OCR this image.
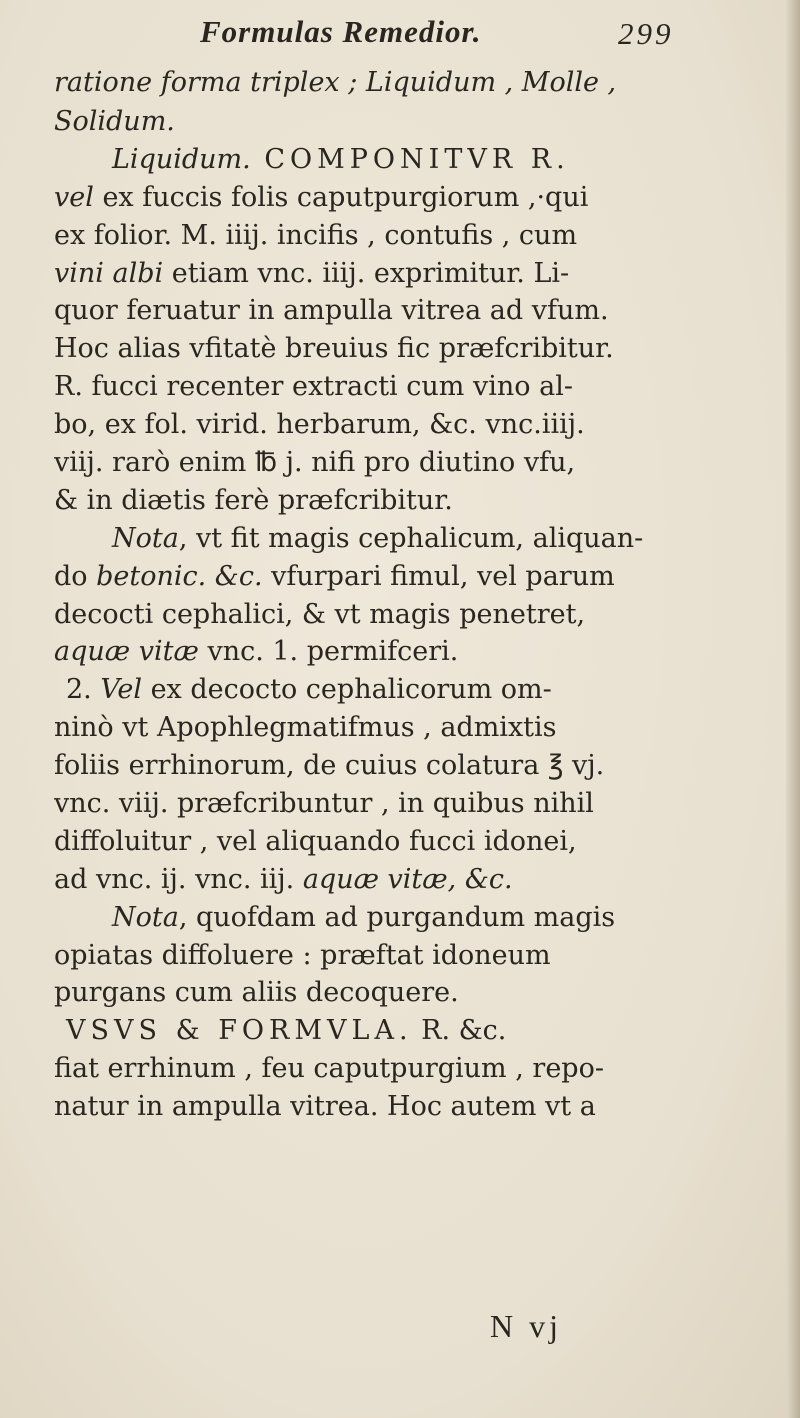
Formulas Remedior.	299
ratione forma triplex ; Liquidum , Molle ,
Solidum.
Liquidum. COMPONITVR R.
vel ex fuccis folis caputpurgiorum ,·qui
ex folior. M. iiij. incifis , contufis , cum
vini albi etiam vnc. iiij. exprimitur. Li-
quor feruatur in ampulla vitrea ad vfum.
Hoc alias vfitatè breuius fic præfcribitur.
R. fucci recenter extracti cum vino al-
bo, ex fol. virid. herbarum, &c. vnc.iiij.
viij. rarò enim ℔ j. nifi pro diutino vfu,
& in diætis ferè præfcribitur.
Nota, vt fit magis cephalicum, aliquan-
do betonic. &c. vfurpari fimul, vel parum
decocti cephalici, & vt magis penetret,
aquæ vitæ vnc. 1. permifceri.
2. Vel ex decocto cephalicorum om-
ninò vt Apophlegmatifmus , admixtis
foliis errhinorum, de cuius colatura ℥ vj.
vnc. viij. præfcribuntur , in quibus nihil
diffoluitur , vel aliquando fucci idonei,
ad vnc. ij. vnc. iij. aquæ vitæ, &c.
Nota, quofdam ad purgandum magis
opiatas diffoluere : præftat idoneum
purgans cum aliis decoquere.
VSVS & FORMVLA. R. &c.
fiat errhinum , feu caputpurgium , repo-
natur in ampulla vitrea. Hoc autem vt a
N vj
